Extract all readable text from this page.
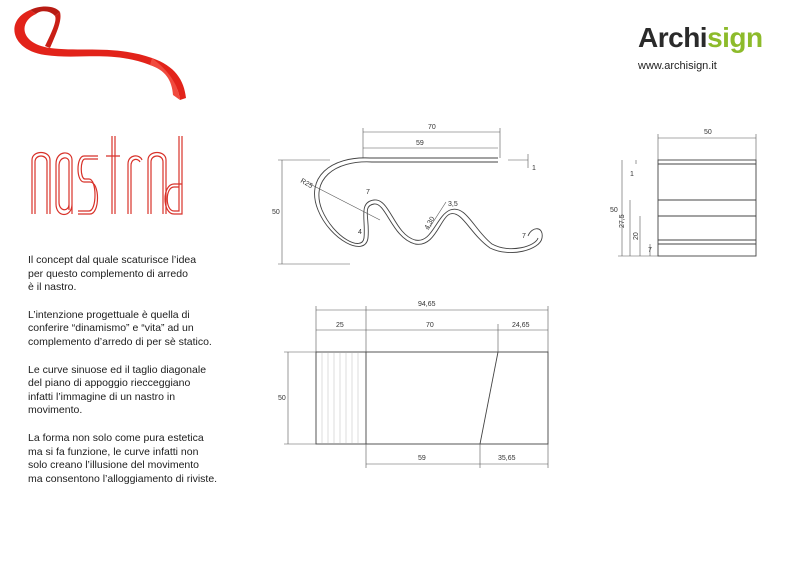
nastro
Archisign
www.archisign.it

Il concept dal quale scaturisce l’idea
per questo complemento di arredo
è il nastro.

L’intenzione progettuale è quella di
conferire “dinamismo” e “vita” ad un
complemento d’arredo di per sè statico.

Le curve sinuose ed il taglio diagonale
del piano di appoggio riecceggiano
infatti l’immagine di un nastro in
movimento.

La forma non solo come pura estetica
ma si fa funzione, le curve infatti non
solo creano l’illusione del movimento
ma consentono l’alloggiamento di riviste.

70
59
50
1
R25
7
4
3,5
4,30
7
50
50
1
27,5
20
7
94,65
25	70	24,65
50
59	35,65
